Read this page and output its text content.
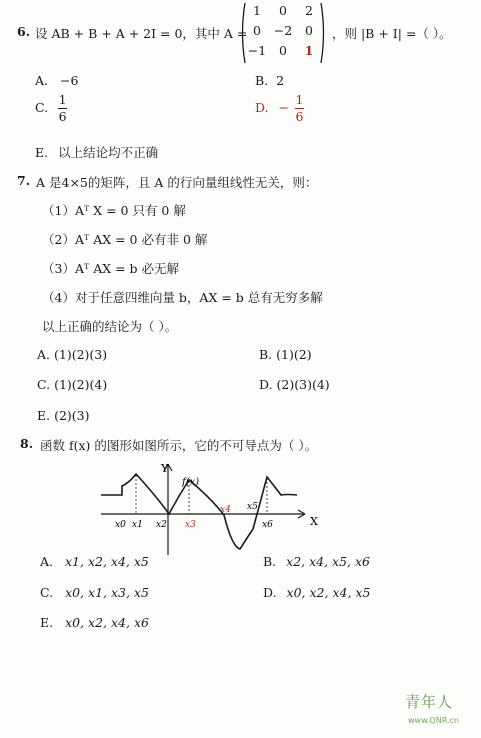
6. 设 AB + B + A + 2I = 0，其中 A =
1	0	2
0	−2	0
−1	0	1
，则 |B + I| =（ ）。
A. −6	B. 2
C. $\frac{1}{6}$	D. − $\frac{1}{6}$
E. 以上结论均不正确
7. A 是4×5的矩阵，且 A 的行向量组线性无关，则：
（1）Aᵀ X = 0 只有 0 解
（2）Aᵀ AX = 0 必有非 0 解
（3）Aᵀ AX = b 必无解
（4）对于任意四维向量 b，AX = b 总有无穷多解
以上正确的结论为（ ）。
A. (1)(2)(3)	B. (1)(2)
C. (1)(2)(4)	D. (2)(3)(4)
E. (2)(3)
8. 函数 f(x) 的图形如图所示，它的不可导点为（ ）。
Y
X
f(x)
x0 x1 x2 x3
x4 x5
x6
A. x1, x2, x4, x5	B. x2, x4, x5, x6
C. x0, x1, x3, x5	D. x0, x2, x4, x5
E. x0, x2, x4, x6
青年人
www.QNR.cn
